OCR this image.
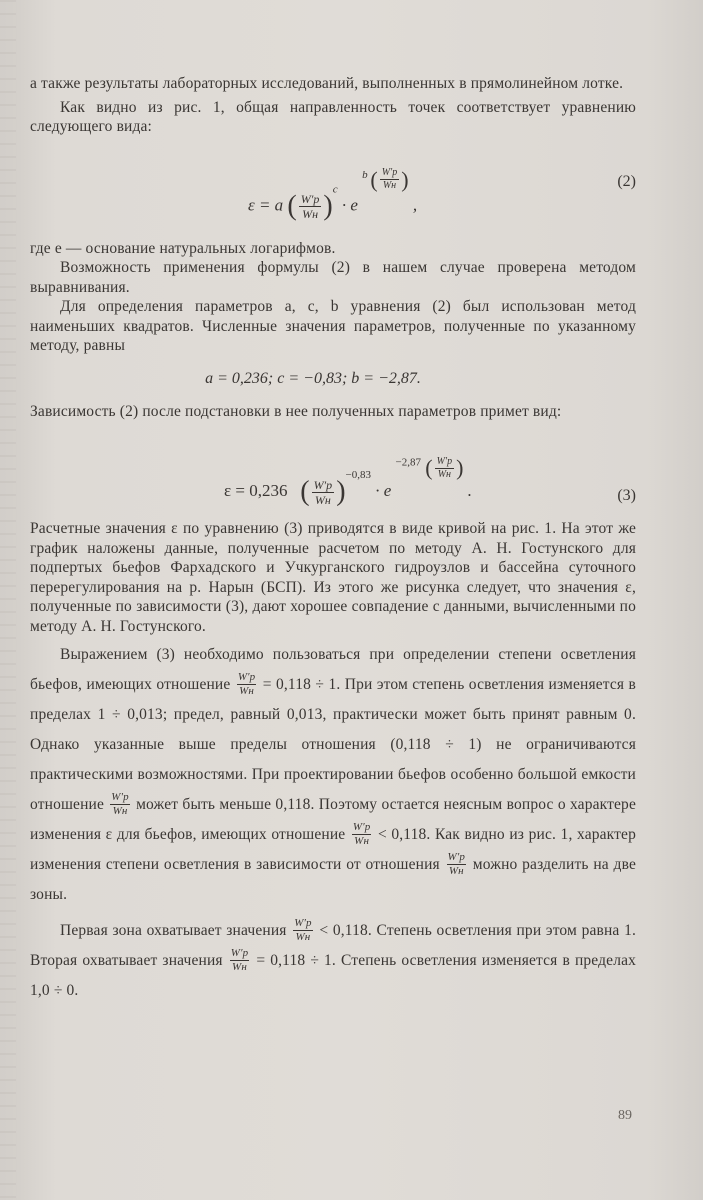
а также результаты лабораторных исследований, выполненных в прямолинейном лотке.

Как видно из рис. 1, общая направленность точек соответствует уравнению следующего вида:

ε = a ( $\frac{W'p}{Wн} )^c \cdot e$ $^b$ ( $\frac{W'p}{Wн}$ ) ,
(2)

где e — основание натуральных логарифмов.

Возможность применения формулы (2) в нашем случае проверена методом выравнивания.

Для определения параметров a, c, b уравнения (2) был использован метод наименьших квадратов. Численные значения параметров, полученные по указанному методу, равны

a = 0,236; c = −0,83; b = −2,87.

Зависимость (2) после подстановки в нее полученных параметров примет вид:

ε = 0,236 ( $\frac{W'p}{Wн} )^{-0,83} \cdot e$ $^{-2,87}$ ( $\frac{W'p}{Wн}$ ) .	(3)

Расчетные значения ε по уравнению (3) приводятся в виде кривой на рис. 1. На этот же график наложены данные, полученные расчетом по методу А. Н. Гостунского для подпертых бьефов Фархадского и Учкурганского гидроузлов и бассейна суточного перерегулирования на р. Нарын (БСП). Из этого же рисунка следует, что значения ε, полученные по зависимости (3), дают хорошее совпадение с данными, вычисленными по методу А. Н. Гостунского.

Выражением (3) необходимо пользоваться при определении степени осветления бьефов, имеющих отношение $\frac{W'p}{Wн} = 0,118 \div 1$. При этом степень осветления изменяется в пределах 1 ÷ 0,013; предел, равный 0,013, практически может быть принят равным 0. Однако указанные выше пределы отношения (0,118 ÷ 1) не ограничиваются практическими возможностями. При проектировании бьефов особенно большой емкости отношение $\frac{W'p}{Wн}$ может быть меньше 0,118. Поэтому остается неясным вопрос о характере изменения ε для бьефов, имеющих отношение $\frac{W'p}{Wн} < 0,118$. Как видно из рис. 1, характер изменения степени осветления в зависимости от отношения $\frac{W'p}{Wн}$ можно разделить на две зоны.

Первая зона охватывает значения $\frac{W'p}{Wн} < 0,118$. Степень осветления при этом равна 1. Вторая охватывает значения $\frac{W'p}{Wн} = 0,118 \div 1$. Степень осветления изменяется в пределах 1,0 ÷ 0.

89
